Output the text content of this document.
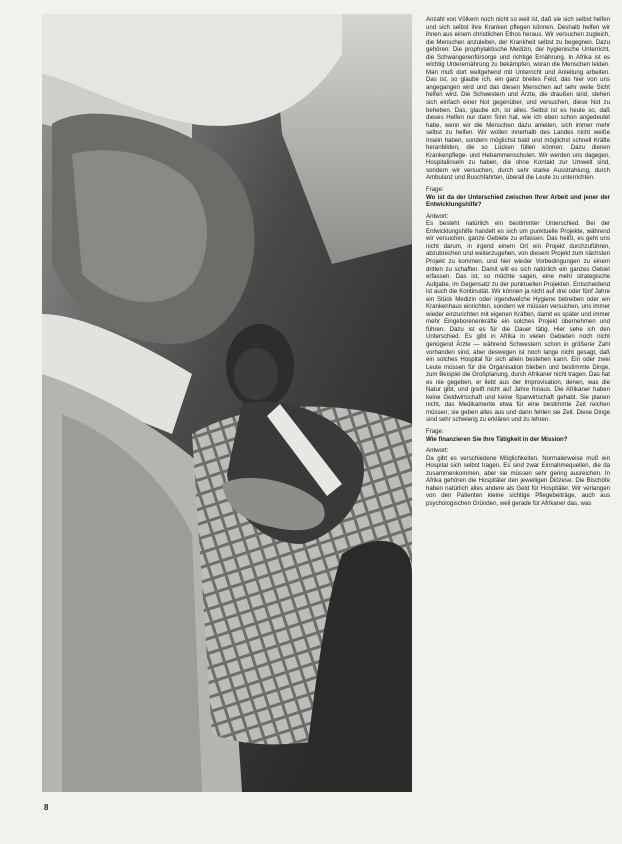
Anzahl von Völkern noch nicht so weit ist, daß sie sich selbst helfen und sich selbst ihre Kranken pflegen können. Deshalb helfen wir ihnen aus einem christlichen Ethos heraus. Wir versuchen zugleich, die Menschen anzuleiten, der Krankheit selbst zu begegnen. Dazu gehören: Die prophylaktische Medizin, der hygienische Unterricht, die Schwangerenfürsorge und richtige Ernährung. In Afrika ist es wichtig Unterernährung zu bekämpfen, woran die Menschen leiden. Man muß dort weitgehend mit Unterricht und Anleitung arbeiten. Das ist, so glaube ich, ein ganz breites Feld, das hier von uns angegangen wird und das diesen Menschen auf sehr weite Sicht helfen wird. Die Schwestern und Ärzte, die draußen sind, stehen sich einfach einer Not gegenüber, und versuchen, diese Not zu beheben. Das, glaube ich, ist alles. Selbst ist es heute so, daß dieses Helfen nur dann Sinn hat, wie ich eben schon angedeutet habe, wenn wir die Menschen dazu anleiten, sich immer mehr selbst zu helfen. Wir wollen innerhalb des Landes nicht weiße Inseln haben, sondern möglichst bald und möglichst schnell Kräfte heranbilden, die so Lücken füllen können. Dazu dienen Krankenpflege- und Hebammenschulen. Wir werden uns dagegen, Hospitalinseln zu haben, die ohne Kontakt zur Umwelt sind, sondern wir versuchen, durch sehr starke Ausstrahlung, durch Ambulanz und Buschfahrten, überall die Leute zu unterrichten.

Frage:

Wo ist da der Unterschied zwischen Ihrer Arbeit und jener der Entwicklungshilfe?

Antwort:

Es besteht natürlich ein bestimmter Unterschied. Bei der Entwicklungshilfe handelt es sich um punktuelle Projekte, während wir versuchen, ganze Gebiete zu erfassen. Das heißt, es geht uns nicht darum, in irgend einem Ort ein Projekt durchzuführen, abzubrechen und weiterzugehen, von diesem Projekt zum nächsten Projekt zu kommen, und hier wieder Vorbedingungen zu einem dritten zu schaffen. Damit will es sich natürlich ein ganzes Gebiet erfassen. Das ist, so möchte sagen, eine mehr strategische Aufgabe, im Gegensatz zu der punktuellen Projekten. Entscheidend ist auch die Kontinuität. Wir können ja nicht auf drei oder fünf Jahre ein Stück Medizin oder irgendwelche Hygiene betreiben oder ein Krankenhaus einrichten, sondern wir müssen versuchen, uns immer wieder einzurichten mit eigenen Kräften, damit es später und immer mehr Eingeborenenkräfte ein solches Projekt übernehmen und führen. Dazu ist es für die Dauer tätig. Hier sehe ich den Unterschied. Es gibt in Afrika in vielen Gebieten noch nicht genügend Ärzte — während Schwestern schon in größerer Zahl vorhanden sind, aber deswegen ist noch lange nicht gesagt, daß ein solches Hospital für sich allein bestehen kann. Ein oder zwei Leute müssen für die Organisation bleiben und bestimmte Dinge, zum Beispiel die Großplanung, durch Afrikaner nicht tragen. Das hat es nie gegeben, er liebt aus der Improvisation, denen, was die Natur gibt, und greift nicht auf Jahre hinaus. Die Afrikaner haben keine Geldwirtschaft und keine Sparwirtschaft gehabt. Sie planen nicht, das Medikamente etwa für eine bestimmte Zeit reichen müssen; sie geben alles aus und dann fehlen sie Zeit. Diese Dinge sind sehr schwierig zu erklären und zu lehren.

Frage:

Wie finanzieren Sie Ihre Tätigkeit in der Mission?

Antwort:

Da gibt es verschiedene Möglichkeiten. Normalerweise muß ein Hospital sich selbst tragen. Es sind zwar Einnahmequellen, die da zusammenkommen, aber sie müssen sehr gering ausreichen. In Afrika gehören die Hospitäler den jeweiligen Diözese. Die Bischöfe haben natürlich alles andere als Geld für Hospitäler. Wir verlangen von den Patienten kleine sichtige Pflegebeiträge, auch aus psychologischen Gründen, weil gerade für Afrikaner das, was

8
